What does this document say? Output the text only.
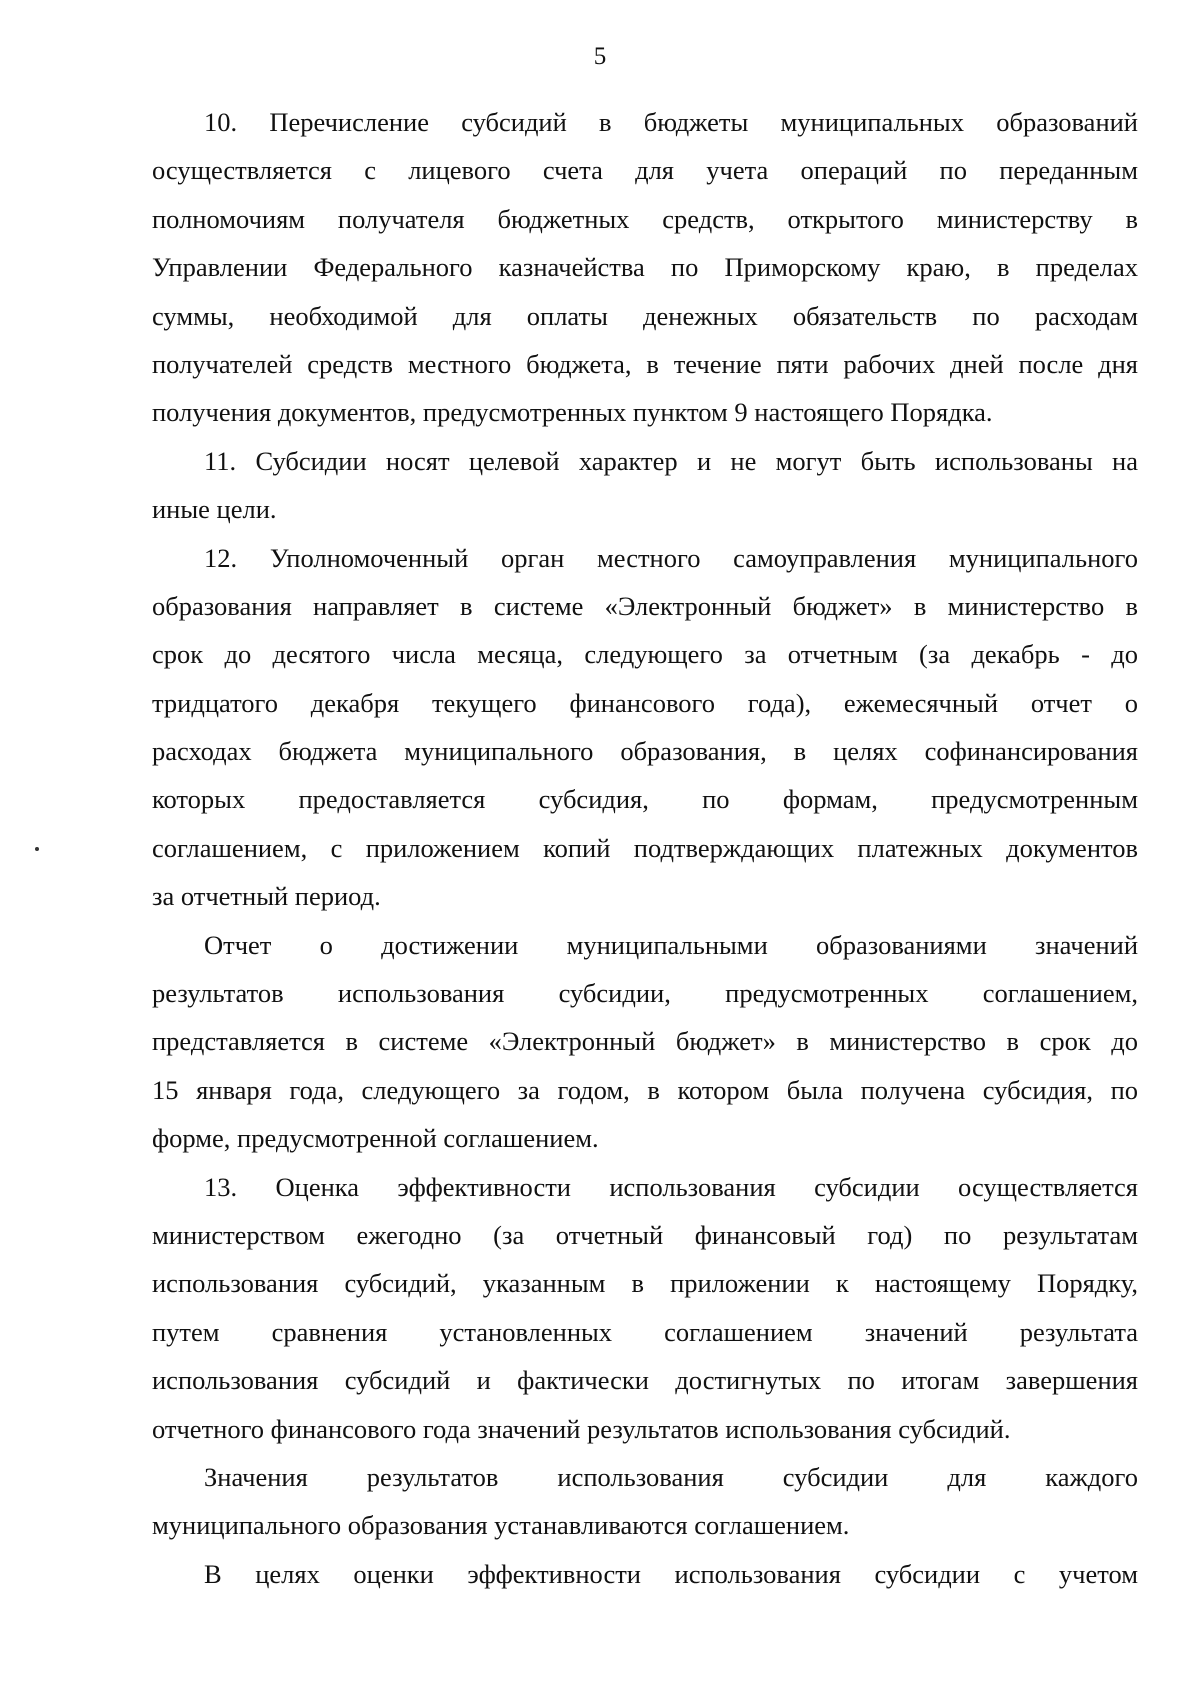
5
10. Перечисление субсидий в бюджеты муниципальных образований
осуществляется с лицевого счета для учета операций по переданным
полномочиям получателя бюджетных средств, открытого министерству в
Управлении Федерального казначейства по Приморскому краю, в пределах
суммы, необходимой для оплаты денежных обязательств по расходам
получателей средств местного бюджета, в течение пяти рабочих дней после дня
получения документов, предусмотренных пунктом 9 настоящего Порядка.
11. Субсидии носят целевой характер и не могут быть использованы на
иные цели.
12. Уполномоченный орган местного самоуправления муниципального
образования направляет в системе «Электронный бюджет» в министерство в
срок до десятого числа месяца, следующего за отчетным (за декабрь - до
тридцатого декабря текущего финансового года), ежемесячный отчет о
расходах бюджета муниципального образования, в целях софинансирования
которых предоставляется субсидия, по формам, предусмотренным
соглашением, с приложением копий подтверждающих платежных документов
за отчетный период.
Отчет о достижении муниципальными образованиями значений
результатов использования субсидии, предусмотренных соглашением,
представляется в системе «Электронный бюджет» в министерство в срок до
15 января года, следующего за годом, в котором была получена субсидия, по
форме, предусмотренной соглашением.
13. Оценка эффективности использования субсидии осуществляется
министерством ежегодно (за отчетный финансовый год) по результатам
использования субсидий, указанным в приложении к настоящему Порядку,
путем сравнения установленных соглашением значений результата
использования субсидий и фактически достигнутых по итогам завершения
отчетного финансового года значений результатов использования субсидий.
Значения результатов использования субсидии для каждого
муниципального образования устанавливаются соглашением.
В целях оценки эффективности использования субсидии с учетом
